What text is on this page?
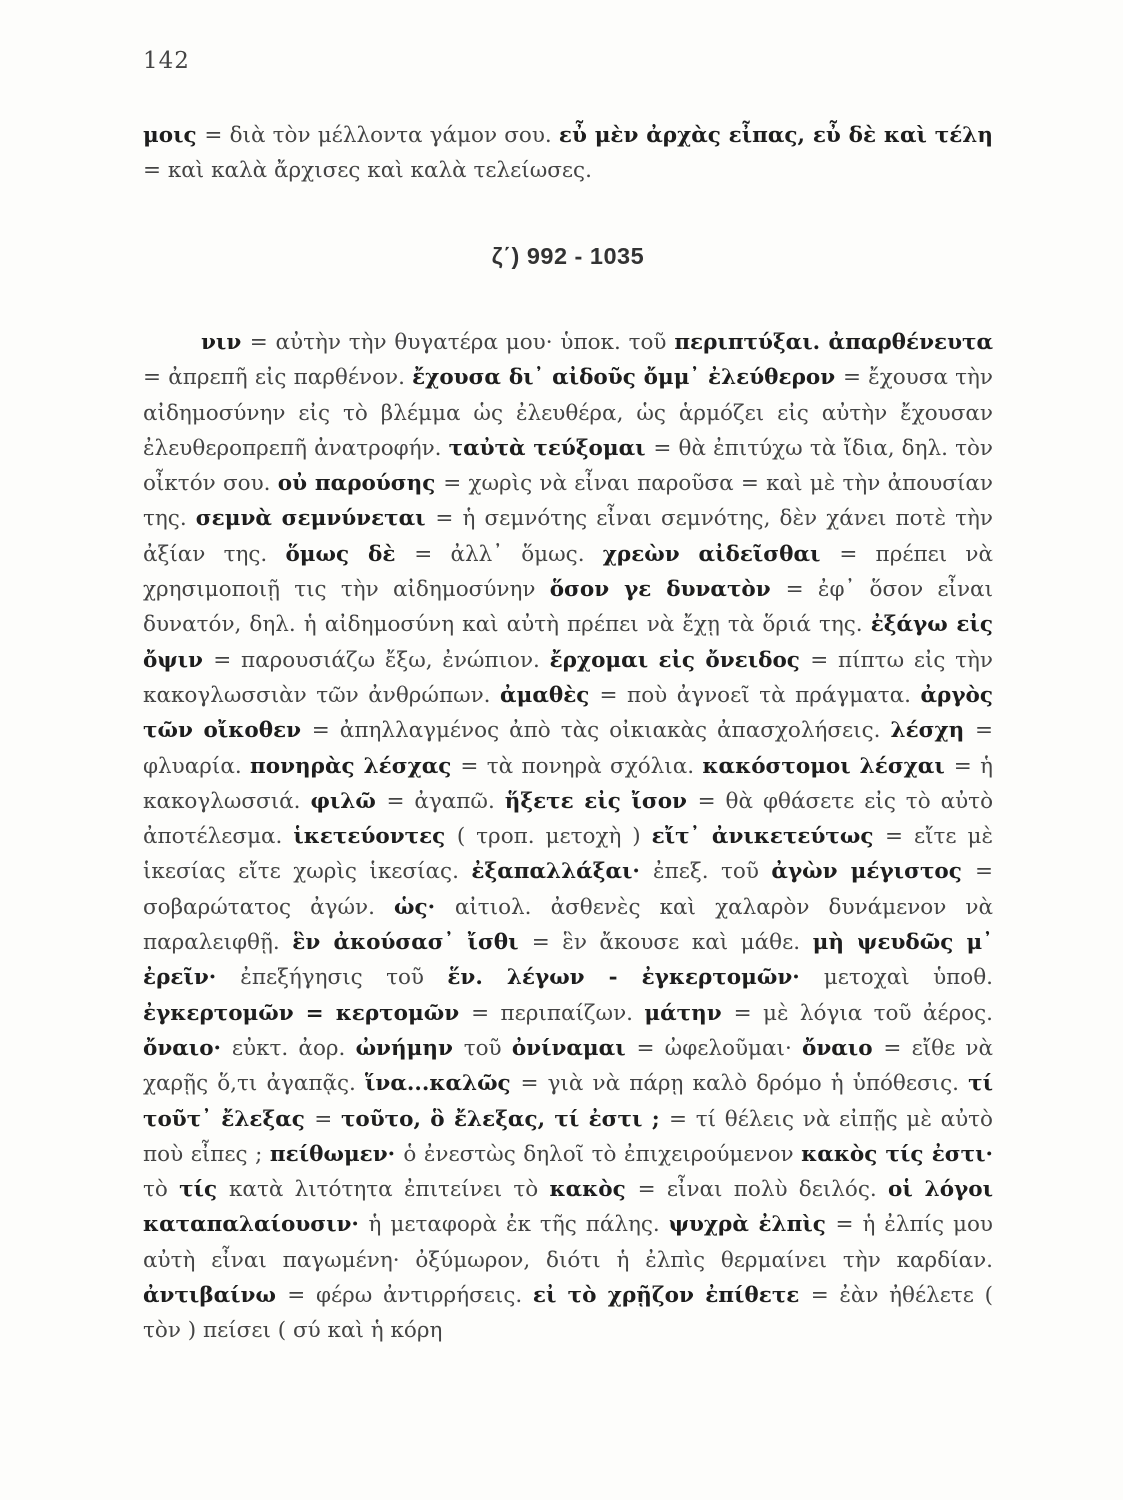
142
μοις = διὰ τὸν μέλλοντα γάμον σου. εὖ μὲν ἀρχὰς εἶπας, εὖ δὲ καὶ τέλη = καὶ καλὰ ἄρχισες καὶ καλὰ τελείωσες.
ζ΄) 992 - 1035
νιν = αὐτὴν τὴν θυγατέρα μου· ὑποκ. τοῦ περιπτύξαι. ἀπαρθένευτα = ἀπρεπῆ εἰς παρθένον. ἔχουσα δι᾽ αἰδοῦς ὄμμ᾽ ἐλεύθερον = ἔχουσα τὴν αἰδημοσύνην εἰς τὸ βλέμμα ὡς ἐλευθέρα, ὡς ἁρμόζει εἰς αὐτὴν ἔχουσαν ἐλευθεροπρεπῆ ἀνατροφήν. ταὐτὰ τεύξομαι = θὰ ἐπιτύχω τὰ ἴδια, δηλ. τὸν οἶκτόν σου. οὐ παρούσης = χωρὶς νὰ εἶναι παροῦσα = καὶ μὲ τὴν ἀπουσίαν της. σεμνὰ σεμνύνεται = ἡ σεμνότης εἶναι σεμνότης, δὲν χάνει ποτὲ τὴν ἀξίαν της. ὅμως δὲ = ἀλλ᾽ ὅμως. χρεὼν αἰδεῖσθαι = πρέπει νὰ χρησιμοποιῇ τις τὴν αἰδημοσύνην ὅσον γε δυνατὸν = ἐφ᾽ ὅσον εἶναι δυνατόν, δηλ. ἡ αἰδημοσύνη καὶ αὐτὴ πρέπει νὰ ἔχῃ τὰ ὅριά της. ἐξάγω εἰς ὄψιν = παρουσιάζω ἔξω, ἐνώπιον. ἔρχομαι εἰς ὄνειδος = πίπτω εἰς τὴν κακογλωσσιὰν τῶν ἀνθρώπων. ἀμαθὲς = ποὺ ἀγνοεῖ τὰ πράγματα. ἀργὸς τῶν οἴκοθεν = ἀπηλλαγμένος ἀπὸ τὰς οἰκιακὰς ἀπασχολήσεις. λέσχη = φλυαρία. πονηρὰς λέσχας = τὰ πονηρὰ σχόλια. κακόστομοι λέσχαι = ἡ κακογλωσσιά. φιλῶ = ἀγαπῶ. ἥξετε εἰς ἴσον = θὰ φθάσετε εἰς τὸ αὐτὸ ἀποτέλεσμα. ἱκετεύοντες ( τροπ. μετοχὴ ) εἴτ᾽ ἀνικετεύτως = εἴτε μὲ ἱκεσίας εἴτε χωρὶς ἱκεσίας. ἐξαπαλλάξαι· ἐπεξ. τοῦ ἀγὼν μέγιστος = σοβαρώτατος ἀγών. ὡς· αἰτιολ. ἀσθενὲς καὶ χαλαρὸν δυνάμενον νὰ παραλειφθῇ. ἓν ἀκούσασ᾽ ἴσθι = ἓν ἄκουσε καὶ μάθε. μὴ ψευδῶς μ᾽ ἐρεῖν· ἐπεξήγησις τοῦ ἕν. λέγων - ἐγκερτομῶν· μετοχαὶ ὑποθ. ἐγκερτομῶν = κερτομῶν = περιπαίζων. μάτην = μὲ λόγια τοῦ ἀέρος. ὄναιο· εὐκτ. ἀορ. ὠνήμην τοῦ ὀνίναμαι = ὠφελοῦμαι· ὄναιο = εἴθε νὰ χαρῇς ὅ,τι ἀγαπᾷς. ἵνα...καλῶς = γιὰ νὰ πάρῃ καλὸ δρόμο ἡ ὑπόθεσις. τί τοῦτ᾽ ἔλεξας = τοῦτο, ὃ ἔλεξας, τί ἐστι ; = τί θέλεις νὰ εἰπῇς μὲ αὐτὸ ποὺ εἶπες ; πείθωμεν· ὁ ἐνεστὼς δηλοῖ τὸ ἐπιχειρούμενον κακὸς τίς ἐστι· τὸ τίς κατὰ λιτότητα ἐπιτείνει τὸ κακὸς = εἶναι πολὺ δειλός. οἱ λόγοι καταπαλαίουσιν· ἡ μεταφορὰ ἐκ τῆς πάλης. ψυχρὰ ἐλπὶς = ἡ ἐλπίς μου αὐτὴ εἶναι παγωμένη· ὀξύμωρον, διότι ἡ ἐλπὶς θερμαίνει τὴν καρδίαν. ἀντιβαίνω = φέρω ἀντιρρήσεις. εἰ τὸ χρῇζον ἐπίθετε = ἐὰν ἠθέλετε ( τὸν ) πείσει ( σύ καὶ ἡ κόρη
